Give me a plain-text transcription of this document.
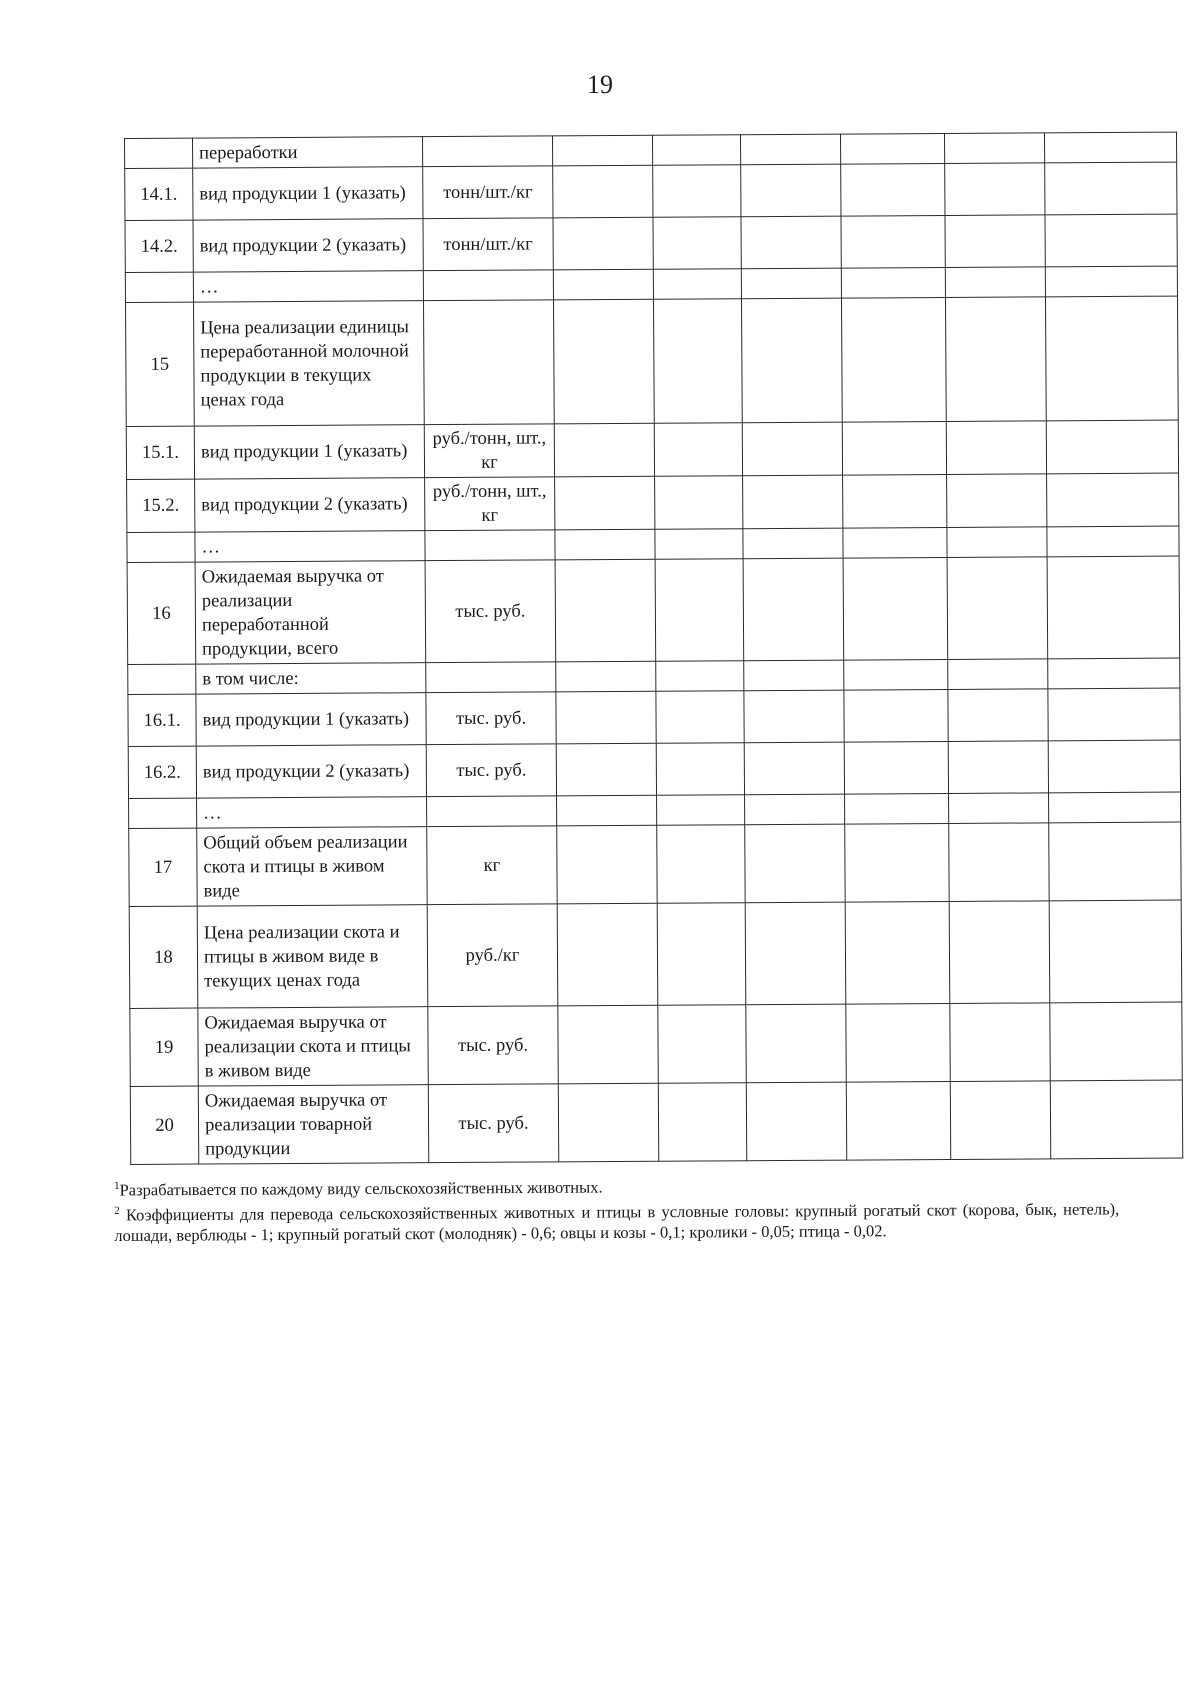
19
	переработки							
14.1.	вид продукции 1 (указать)	тонн/шт./кг						
14.2.	вид продукции 2 (указать)	тонн/шт./кг						
	…							
15	Цена реализации единицы переработанной молочной продукции в текущих ценах года							
15.1.	вид продукции 1 (указать)	руб./тонн, шт., кг						
15.2.	вид продукции 2 (указать)	руб./тонн, шт., кг						
	…							
16	Ожидаемая выручка от реализации переработанной продукции, всего	тыс. руб.						
	в том числе:							
16.1.	вид продукции 1 (указать)	тыс. руб.						
16.2.	вид продукции 2 (указать)	тыс. руб.						
	…							
17	Общий объем реализации скота и птицы в живом виде	кг						
18	Цена реализации скота и птицы в живом виде в текущих ценах года	руб./кг						
19	Ожидаемая выручка от реализации скота и птицы в живом виде	тыс. руб.						
20	Ожидаемая выручка от реализации товарной продукции	тыс. руб.						

$^1$Разрабатывается по каждому виду сельскохозяйственных животных.

$^2$ Коэффициенты для перевода сельскохозяйственных животных и птицы в условные головы: крупный рогатый скот (корова, бык, нетель), лошади, верблюды - 1; крупный рогатый скот (молодняк) - 0,6; овцы и козы - 0,1; кролики - 0,05; птица - 0,02.
